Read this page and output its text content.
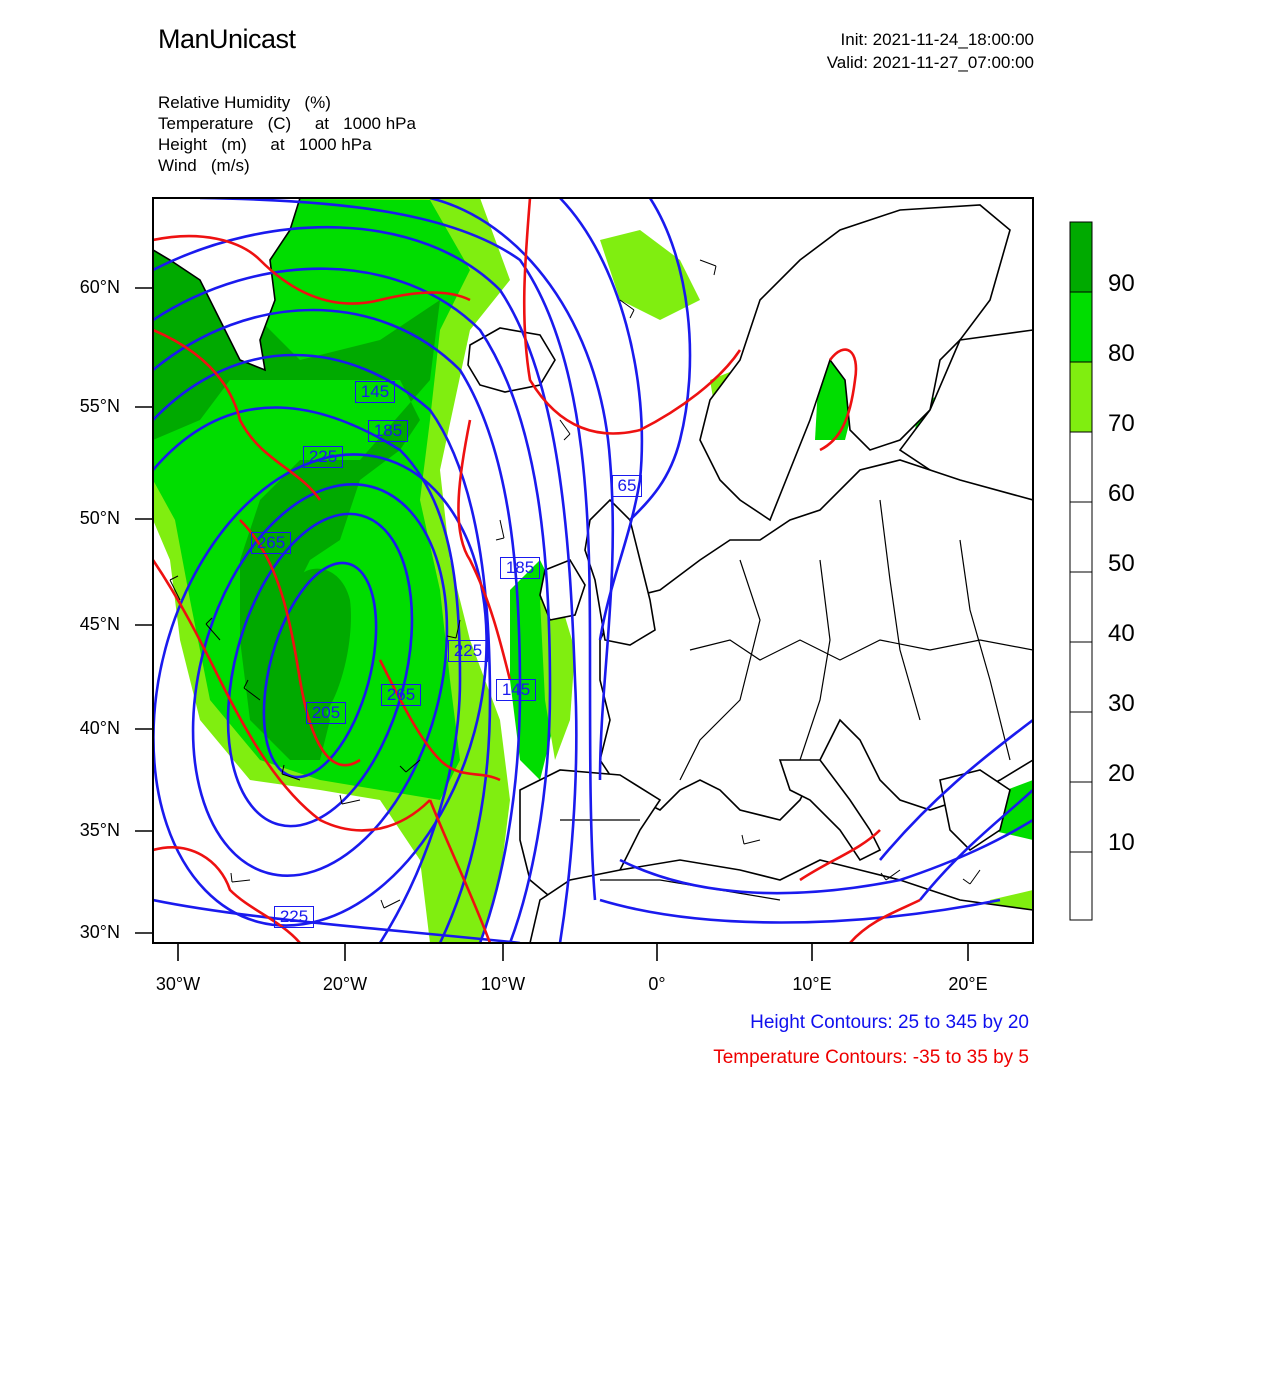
ManUnicast	Init: 2021-11-24_18:00:00
Valid: 2021-11-27_07:00:00
Relative Humidity   (%)
Temperature   (C)     at   1000 hPa
Height   (m)     at   1000 hPa
Wind   (m/s)
145
185
225
265
225
185
65
145
265
205
225
60°N
55°N
50°N
45°N
40°N
35°N
30°N
30°W	20°W	10°W	0°	10°E	20°E
90
80
70
60
50
40
30
20
10
Height Contours: 25 to 345 by 20
Temperature Contours: -35 to 35 by 5
